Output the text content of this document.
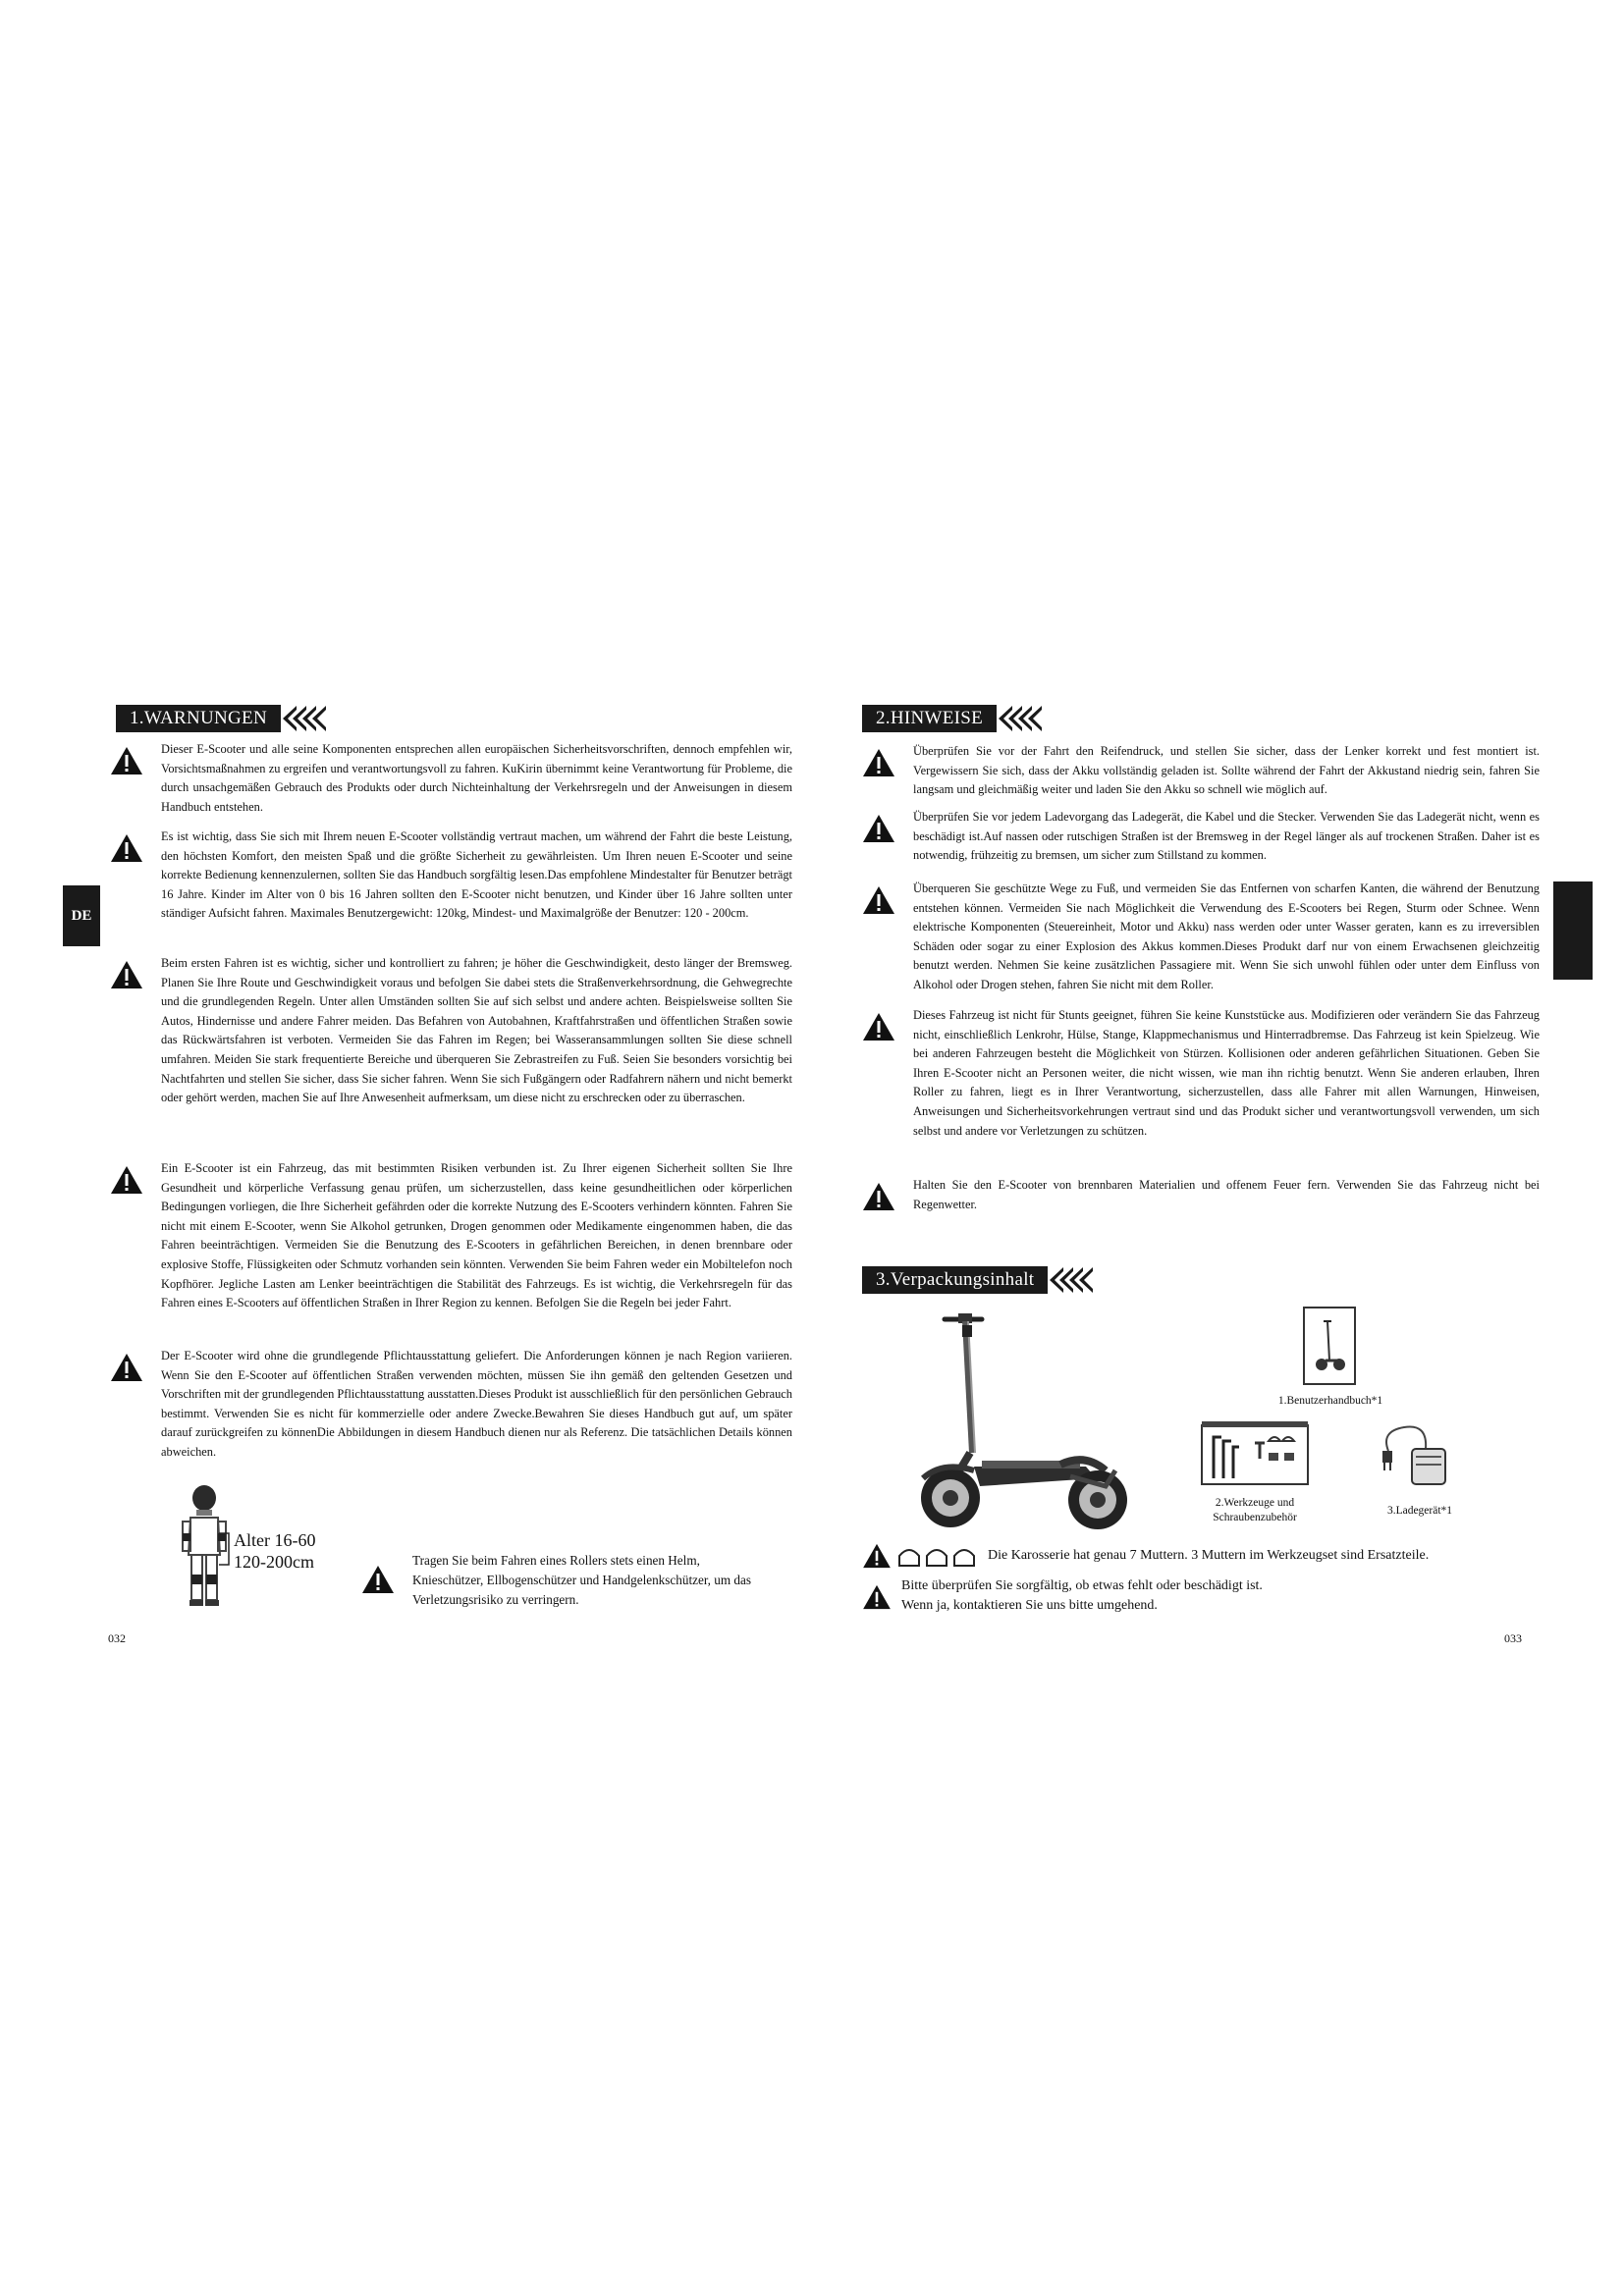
1.WARNUNGEN
DE
Dieser E-Scooter und alle seine Komponenten entsprechen allen europäischen Sicherheitsvorschriften, dennoch empfehlen wir, Vorsichtsmaßnahmen zu ergreifen und verantwortungsvoll zu fahren. KuKirin übernimmt keine Verantwortung für Probleme, die durch unsachgemäßen Gebrauch des Produkts oder durch Nichteinhaltung der Verkehrsregeln und der Anweisungen in diesem Handbuch entstehen.
Es ist wichtig, dass Sie sich mit Ihrem neuen E-Scooter vollständig vertraut machen, um während der Fahrt die beste Leistung, den höchsten Komfort, den meisten Spaß und die größte Sicherheit zu gewährleisten. Um Ihren neuen E-Scooter und seine korrekte Bedienung kennenzulernen, sollten Sie das Handbuch sorgfältig lesen.Das empfohlene Mindestalter für Benutzer beträgt 16 Jahre. Kinder im Alter von 0 bis 16 Jahren sollten den E-Scooter nicht benutzen, und Kinder über 16 Jahre sollten unter ständiger Aufsicht fahren. Maximales Benutzergewicht: 120kg, Mindest- und Maximalgröße der Benutzer: 120 - 200cm.
Beim ersten Fahren ist es wichtig, sicher und kontrolliert zu fahren; je höher die Geschwindigkeit, desto länger der Bremsweg. Planen Sie Ihre Route und Geschwindigkeit voraus und befolgen Sie dabei stets die Straßenverkehrsordnung, die Gehwegrechte und die grundlegenden Regeln. Unter allen Umständen sollten Sie auf sich selbst und andere achten. Beispielsweise sollten Sie Autos, Hindernisse und andere Fahrer meiden. Das Befahren von Autobahnen, Kraftfahrstraßen und öffentlichen Straßen sowie das Rückwärtsfahren ist verboten. Vermeiden Sie das Fahren im Regen; bei Wasseransammlungen sollten Sie diese schnell umfahren. Meiden Sie stark frequentierte Bereiche und überqueren Sie Zebrastreifen zu Fuß. Seien Sie besonders vorsichtig bei Nachtfahrten und stellen Sie sicher, dass Sie sicher fahren. Wenn Sie sich Fußgängern oder Radfahrern nähern und nicht bemerkt oder gehört werden, machen Sie auf Ihre Anwesenheit aufmerksam, um diese nicht zu erschrecken oder zu überraschen.
Ein E-Scooter ist ein Fahrzeug, das mit bestimmten Risiken verbunden ist. Zu Ihrer eigenen Sicherheit sollten Sie Ihre Gesundheit und körperliche Verfassung genau prüfen, um sicherzustellen, dass keine gesundheitlichen oder körperlichen Bedingungen vorliegen, die Ihre Sicherheit gefährden oder die korrekte Nutzung des E-Scooters verhindern könnten. Fahren Sie nicht mit einem E-Scooter, wenn Sie Alkohol getrunken, Drogen genommen oder Medikamente eingenommen haben, die das Fahren beeinträchtigen. Vermeiden Sie die Benutzung des E-Scooters in gefährlichen Bereichen, in denen brennbare oder explosive Stoffe, Flüssigkeiten oder Schmutz vorhanden sein könnten. Verwenden Sie beim Fahren weder ein Mobiltelefon noch Kopfhörer. Jegliche Lasten am Lenker beeinträchtigen die Stabilität des Fahrzeugs. Es ist wichtig, die Verkehrsregeln für das Fahren eines E-Scooters auf öffentlichen Straßen in Ihrer Region zu kennen. Befolgen Sie die Regeln bei jeder Fahrt.
Der E-Scooter wird ohne die grundlegende Pflichtausstattung geliefert. Die Anforderungen können je nach Region variieren. Wenn Sie den E-Scooter auf öffentlichen Straßen verwenden möchten, müssen Sie ihn gemäß den geltenden Gesetzen und Vorschriften mit der grundlegenden Pflichtausstattung ausstatten.Dieses Produkt ist ausschließlich für den persönlichen Gebrauch bestimmt. Verwenden Sie es nicht für kommerzielle oder andere Zwecke.Bewahren Sie dieses Handbuch gut auf, um später darauf zurückgreifen zu könnenDie Abbildungen in diesem Handbuch dienen nur als Referenz. Die tatsächlichen Details können abweichen.
Alter 16-60
120-200cm	Tragen Sie beim Fahren eines Rollers stets einen Helm, Knieschützer, Ellbogenschützer und Handgelenkschützer, um das Verletzungsrisiko zu verringern.
032
2.HINWEISE
Überprüfen Sie vor der Fahrt den Reifendruck, und stellen Sie sicher, dass der Lenker korrekt und fest montiert ist. Vergewissern Sie sich, dass der Akku vollständig geladen ist. Sollte während der Fahrt der Akkustand niedrig sein, fahren Sie langsam und gleichmäßig weiter und laden Sie den Akku so schnell wie möglich auf.
Überprüfen Sie vor jedem Ladevorgang das Ladegerät, die Kabel und die Stecker. Verwenden Sie das Ladegerät nicht, wenn es beschädigt ist.Auf nassen oder rutschigen Straßen ist der Bremsweg in der Regel länger als auf trockenen Straßen. Daher ist es notwendig, frühzeitig zu bremsen, um sicher zum Stillstand zu kommen.
Überqueren Sie geschützte Wege zu Fuß, und vermeiden Sie das Entfernen von scharfen Kanten, die während der Benutzung entstehen können. Vermeiden Sie nach Möglichkeit die Verwendung des E-Scooters bei Regen, Sturm oder Schnee. Wenn elektrische Komponenten (Steuereinheit, Motor und Akku) nass werden oder unter Wasser geraten, kann es zu irreversiblen Schäden oder sogar zu einer Explosion des Akkus kommen.Dieses Produkt darf nur von einem Erwachsenen gleichzeitig benutzt werden. Nehmen Sie keine zusätzlichen Passagiere mit. Wenn Sie sich unwohl fühlen oder unter dem Einfluss von Alkohol oder Drogen stehen, fahren Sie nicht mit dem Roller.
Dieses Fahrzeug ist nicht für Stunts geeignet, führen Sie keine Kunststücke aus. Modifizieren oder verändern Sie das Fahrzeug nicht, einschließlich Lenkrohr, Hülse, Stange, Klappmechanismus und Hinterradbremse. Das Fahrzeug ist kein Spielzeug. Wie bei anderen Fahrzeugen besteht die Möglichkeit von Stürzen. Kollisionen oder anderen gefährlichen Situationen. Geben Sie Ihren E-Scooter nicht an Personen weiter, die nicht wissen, wie man ihn richtig benutzt. Wenn Sie anderen erlauben, Ihren Roller zu fahren, liegt es in Ihrer Verantwortung, sicherzustellen, dass alle Fahrer mit allen Warnungen, Hinweisen, Anweisungen und Sicherheitsvorkehrungen vertraut sind und das Produkt sicher und verantwortungsvoll verwenden, um sich selbst und andere vor Verletzungen zu schützen.
Halten Sie den E-Scooter von brennbaren Materialien und offenem Feuer fern. Verwenden Sie das Fahrzeug nicht bei Regenwetter.
3.Verpackungsinhalt
1.Benutzerhandbuch*1
2.Werkzeuge und
Schraubenzubehör
3.Ladegerät*1
Die Karosserie hat genau 7 Muttern. 3 Muttern im Werkzeugset sind Ersatzteile.
Bitte überprüfen Sie sorgfältig, ob etwas fehlt oder beschädigt ist.
Wenn ja, kontaktieren Sie uns bitte umgehend.
033
